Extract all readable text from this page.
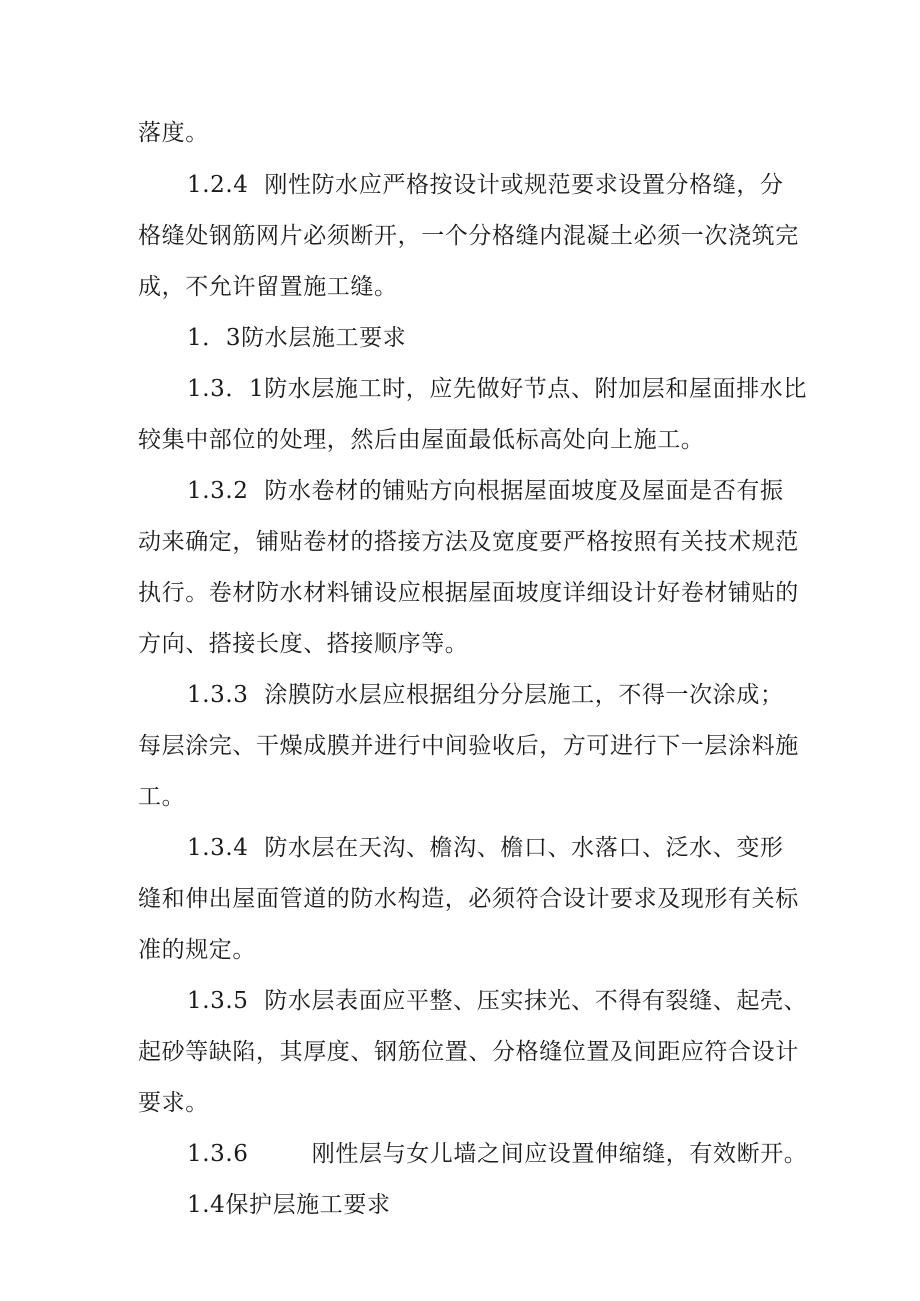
落度。
1.2.4  刚性防水应严格按设计或规范要求设置分格缝，分
格缝处钢筋网片必须断开，一个分格缝内混凝土必须一次浇筑完
成，不允许留置施工缝。
1．3防水层施工要求
1.3．1防水层施工时，应先做好节点、附加层和屋面排水比
较集中部位的处理，然后由屋面最低标高处向上施工。
1.3.2  防水卷材的铺贴方向根据屋面坡度及屋面是否有振
动来确定，铺贴卷材的搭接方法及宽度要严格按照有关技术规范
执行。卷材防水材料铺设应根据屋面坡度详细设计好卷材铺贴的
方向、搭接长度、搭接顺序等。
1.3.3  涂膜防水层应根据组分分层施工，不得一次涂成；
每层涂完、干燥成膜并进行中间验收后，方可进行下一层涂料施
工。
1.3.4  防水层在天沟、檐沟、檐口、水落口、泛水、变形
缝和伸出屋面管道的防水构造，必须符合设计要求及现形有关标
准的规定。
1.3.5  防水层表面应平整、压实抹光、不得有裂缝、起壳、
起砂等缺陷，其厚度、钢筋位置、分格缝位置及间距应符合设计
要求。
1.3.6        刚性层与女儿墙之间应设置伸缩缝，有效断开。
1.4保护层施工要求
